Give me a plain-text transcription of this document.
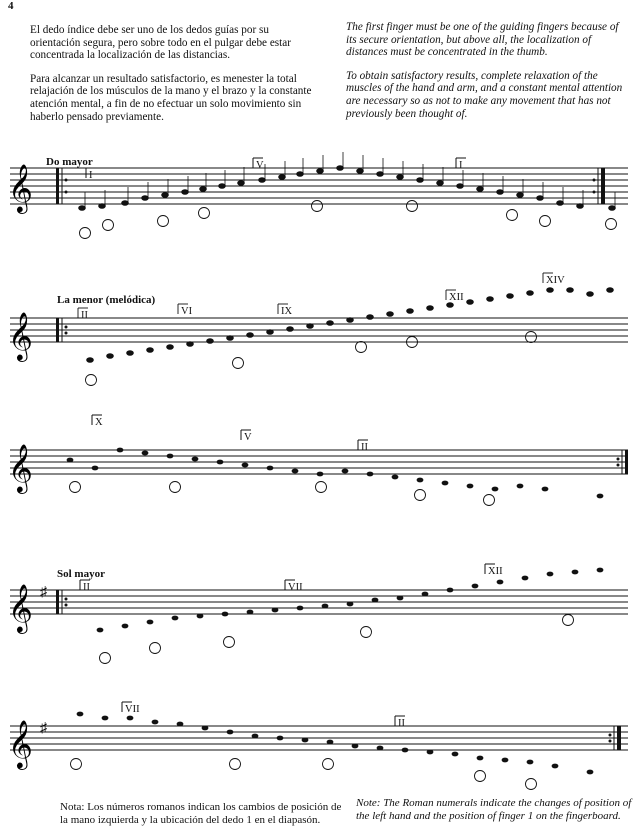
4

El dedo índice debe ser uno de los dedos guías por su orientación segura, pero sobre todo en el pulgar debe estar concentrada la localización de las distancias.

Para alcanzar un resultado satisfactorio, es menester la total relajación de los músculos de la mano y el brazo y la constante atención mental, a fin de no efectuar un solo movimiento sin haberlo pensado previamente.

The first finger must be one of the guiding fingers because of its secure orientation, but above all, the localization of distances must be concentrated in the thumb.

To obtain satisfactory results, complete relaxation of the muscles of the hand and arm, and a constant mental attention are necessary so as not to make any movement that has not previously been thought of.

Do mayor
La menor (melódica)
Sol mayor
𝄞	I
V	I
𝄞	II	VI	IX
XII
XIV
𝄞
X
V
II
𝄞 ♯	II	VII
XII
𝄞 ♯
VII
II
Nota: Los números romanos indican los cambios de posición de la mano izquierda y la ubicación del dedo 1 en el diapasón.
Note: The Roman numerals indicate the changes of position of the left hand and the position of finger 1 on the fingerboard.
